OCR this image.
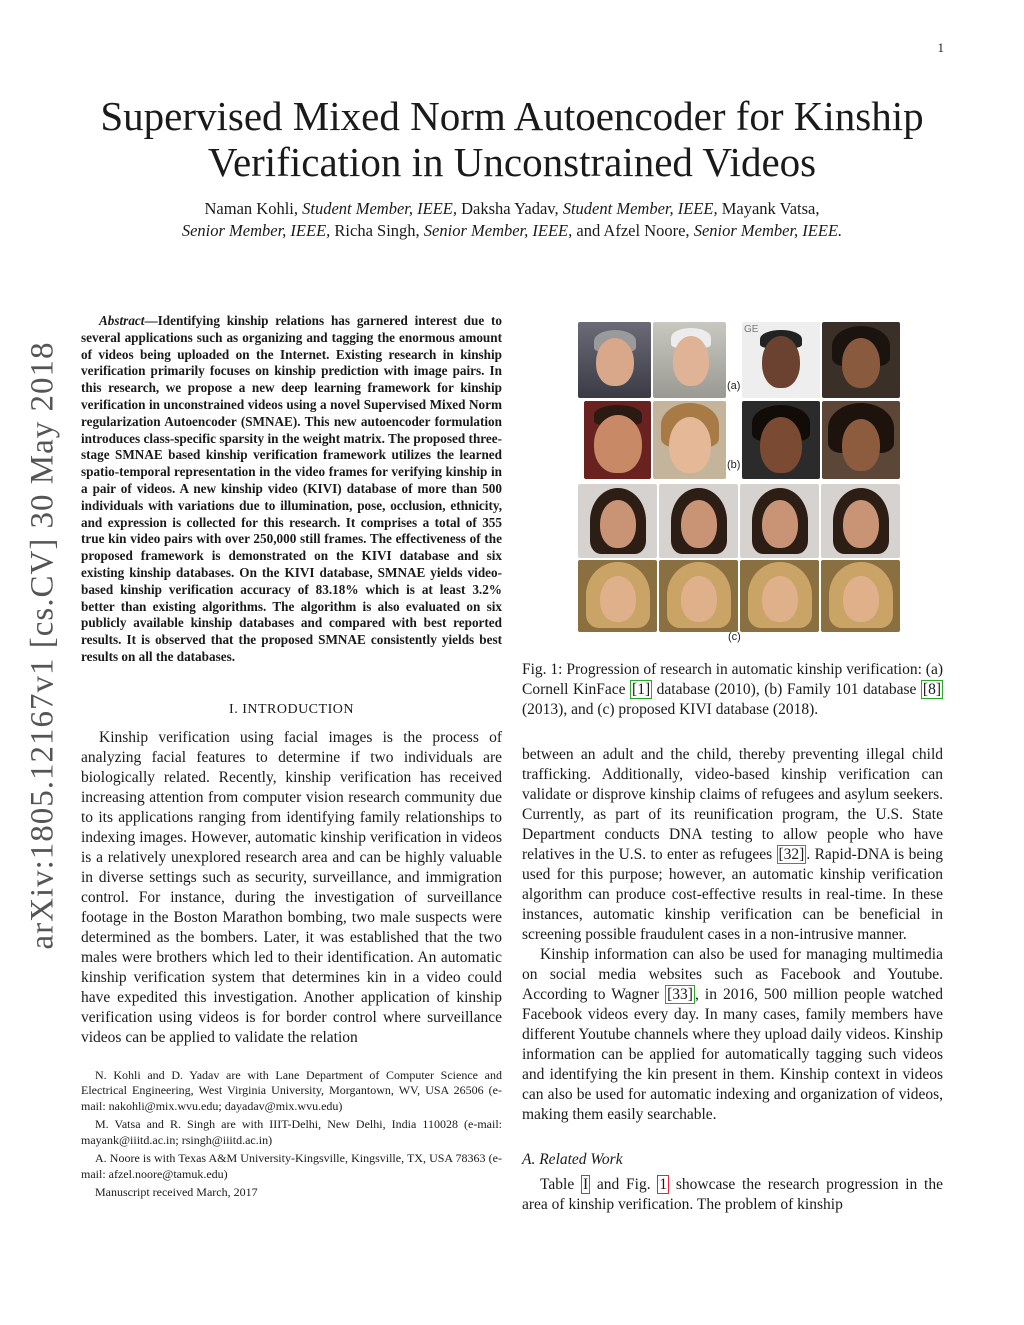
1
arXiv:1805.12167v1 [cs.CV] 30 May 2018
Supervised Mixed Norm Autoencoder for Kinship
Verification in Unconstrained Videos
Naman Kohli, Student Member, IEEE, Daksha Yadav, Student Member, IEEE, Mayank Vatsa,
Senior Member, IEEE, Richa Singh, Senior Member, IEEE, and Afzel Noore, Senior Member, IEEE.

Abstract—Identifying kinship relations has garnered interest due to several applications such as organizing and tagging the enormous amount of videos being uploaded on the Internet. Existing research in kinship verification primarily focuses on kinship prediction with image pairs. In this research, we propose a new deep learning framework for kinship verification in unconstrained videos using a novel Supervised Mixed Norm regularization Autoencoder (SMNAE). This new autoencoder formulation introduces class-specific sparsity in the weight matrix. The proposed three-stage SMNAE based kinship verification framework utilizes the learned spatio-temporal representation in the video frames for verifying kinship in a pair of videos. A new kinship video (KIVI) database of more than 500 individuals with variations due to illumination, pose, occlusion, ethnicity, and expression is collected for this research. It comprises a total of 355 true kin video pairs with over 250,000 still frames. The effectiveness of the proposed framework is demonstrated on the KIVI database and six existing kinship databases. On the KIVI database, SMNAE yields video-based kinship verification accuracy of 83.18% which is at least 3.2% better than existing algorithms. The algorithm is also evaluated on six publicly available kinship databases and compared with best reported results. It is observed that the proposed SMNAE consistently yields best results on all the databases.

I. INTRODUCTION

Kinship verification using facial images is the process of analyzing facial features to determine if two individuals are biologically related. Recently, kinship verification has received increasing attention from computer vision research community due to its applications ranging from identifying family relationships to indexing images. However, automatic kinship verification in videos is a relatively unexplored research area and can be highly valuable in diverse settings such as security, surveillance, and immigration control. For instance, during the investigation of surveillance footage in the Boston Marathon bombing, two male suspects were determined as the bombers. Later, it was established that the two males were brothers which led to their identification. An automatic kinship verification system that determines kin in a video could have expedited this investigation. Another application of kinship verification using videos is for border control where surveillance videos can be applied to validate the relation

N. Kohli and D. Yadav are with Lane Department of Computer Science and Electrical Engineering, West Virginia University, Morgantown, WV, USA 26506 (e-mail: nakohli@mix.wvu.edu; dayadav@mix.wvu.edu)

M. Vatsa and R. Singh are with IIIT-Delhi, New Delhi, India 110028 (e-mail: mayank@iiitd.ac.in; rsingh@iiitd.ac.in)

A. Noore is with Texas A&M University-Kingsville, Kingsville, TX, USA 78363 (e-mail: afzel.noore@tamuk.edu)

Manuscript received March, 2017

(a)
GE
(b)
(c)
Fig. 1: Progression of research in automatic kinship verification: (a) Cornell KinFace [1] database (2010), (b) Family 101 database [8] (2013), and (c) proposed KIVI database (2018).

between an adult and the child, thereby preventing illegal child trafficking. Additionally, video-based kinship verification can validate or disprove kinship claims of refugees and asylum seekers. Currently, as part of its reunification program, the U.S. State Department conducts DNA testing to allow people who have relatives in the U.S. to enter as refugees [32] . Rapid-DNA is being used for this purpose; however, an automatic kinship verification algorithm can produce cost-effective results in real-time. In these instances, automatic kinship verification can be beneficial in screening possible fraudulent cases in a non-intrusive manner.

Kinship information can also be used for managing multimedia on social media websites such as Facebook and Youtube. According to Wagner [33] , in 2016, 500 million people watched Facebook videos every day. In many cases, family members have different Youtube channels where they upload daily videos. Kinship information can be applied for automatically tagging such videos and identifying the kin present in them. Kinship context in videos can also be used for automatic indexing and organization of videos, making them easily searchable.

A. Related Work

Table I and Fig. 1 showcase the research progression in the area of kinship verification. The problem of kinship
